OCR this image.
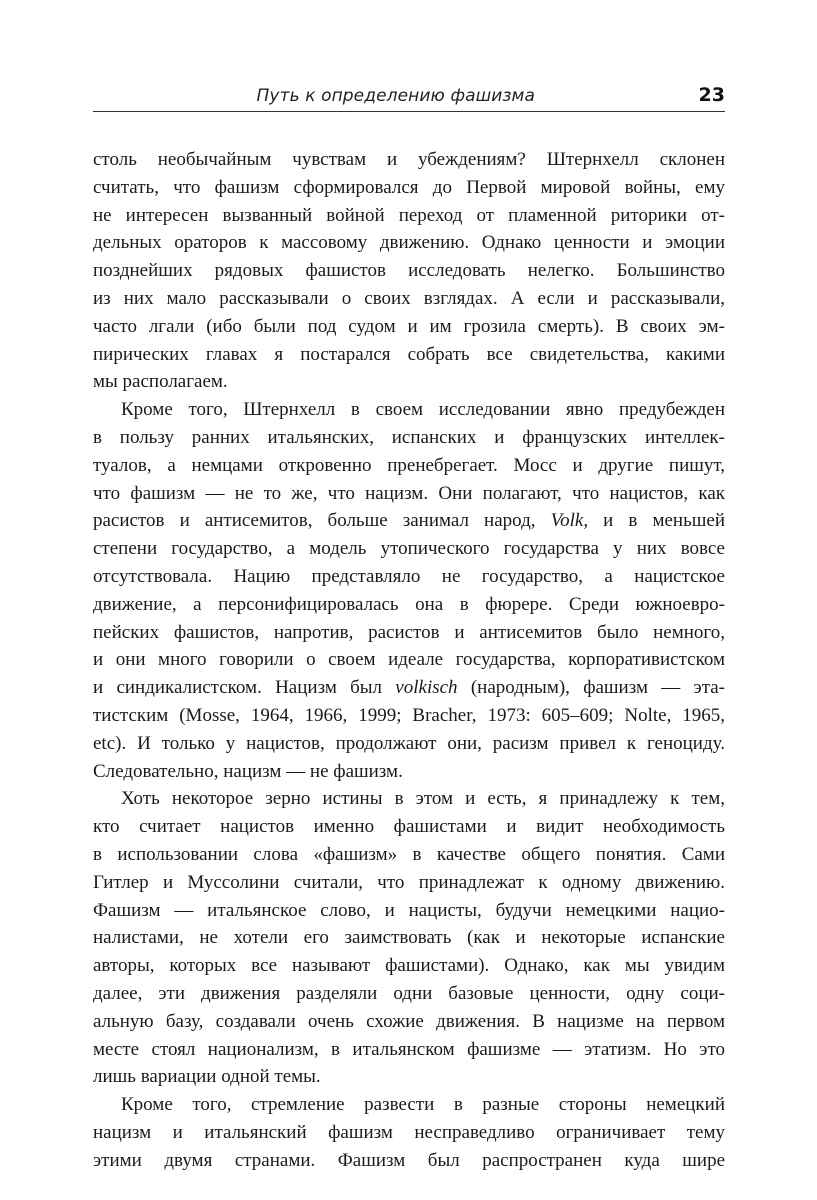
Путь к определению фашизма	23
столь необычайным чувствам и убеждениям? Штернхелл склонен
считать, что фашизм сформировался до Первой мировой войны, ему
не интересен вызванный войной переход от пламенной риторики от-
дельных ораторов к массовому движению. Однако ценности и эмоции
позднейших рядовых фашистов исследовать нелегко. Большинство
из них мало рассказывали о своих взглядах. А если и рассказывали,
часто лгали (ибо были под судом и им грозила смерть). В своих эм-
пирических главах я постарался собрать все свидетельства, какими
мы располагаем.
Кроме того, Штернхелл в своем исследовании явно предубежден
в пользу ранних итальянских, испанских и французских интеллек-
туалов, а немцами откровенно пренебрегает. Мосс и другие пишут,
что фашизм — не то же, что нацизм. Они полагают, что нацистов, как
расистов и антисемитов, больше занимал народ, Volk, и в меньшей
степени государство, а модель утопического государства у них вовсе
отсутствовала. Нацию представляло не государство, а нацистское
движение, а персонифицировалась она в фюрере. Среди южноевро-
пейских фашистов, напротив, расистов и антисемитов было немного,
и они много говорили о своем идеале государства, корпоративистском
и синдикалистском. Нацизм был volkisch (народным), фашизм — эта-
тистским (Mosse, 1964, 1966, 1999; Bracher, 1973: 605–609; Nolte, 1965,
etc). И только у нацистов, продолжают они, расизм привел к геноциду.
Следовательно, нацизм — не фашизм.
Хоть некоторое зерно истины в этом и есть, я принадлежу к тем,
кто считает нацистов именно фашистами и видит необходимость
в использовании слова «фашизм» в качестве общего понятия. Сами
Гитлер и Муссолини считали, что принадлежат к одному движению.
Фашизм — итальянское слово, и нацисты, будучи немецкими нацио-
налистами, не хотели его заимствовать (как и некоторые испанские
авторы, которых все называют фашистами). Однако, как мы увидим
далее, эти движения разделяли одни базовые ценности, одну соци-
альную базу, создавали очень схожие движения. В нацизме на первом
месте стоял национализм, в итальянском фашизме — этатизм. Но это
лишь вариации одной темы.
Кроме того, стремление развести в разные стороны немецкий
нацизм и итальянский фашизм несправедливо ограничивает тему
этими двумя странами. Фашизм был распространен куда шире
